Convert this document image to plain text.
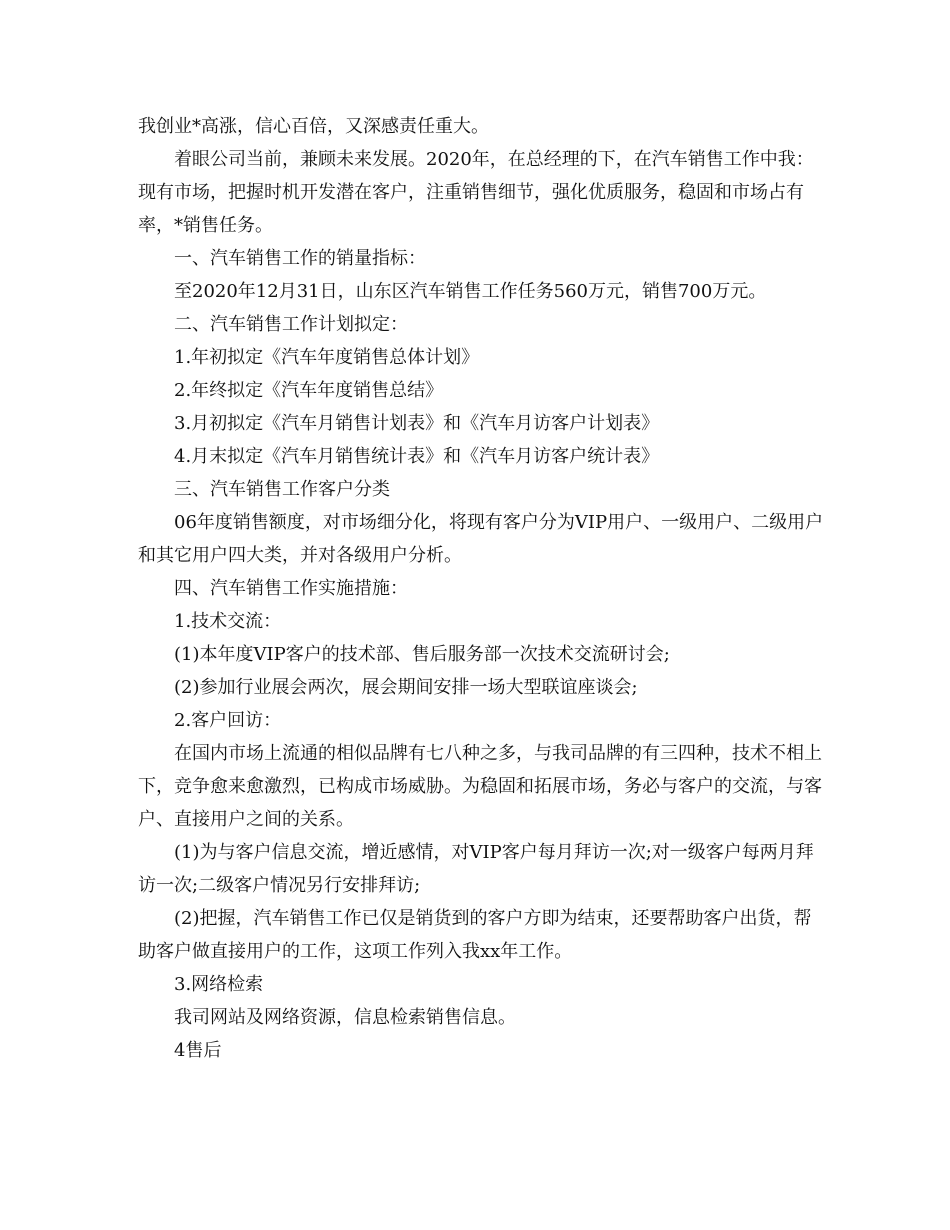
我创业*高涨，信心百倍，又深感责任重大。

着眼公司当前，兼顾未来发展。2020年，在总经理的下，在汽车销售工作中我：现有市场，把握时机开发潜在客户，注重销售细节，强化优质服务，稳固和市场占有率，*销售任务。

一、汽车销售工作的销量指标：

至2020年12月31日，山东区汽车销售工作任务560万元，销售700万元。

二、汽车销售工作计划拟定：

1.年初拟定《汽车年度销售总体计划》

2.年终拟定《汽车年度销售总结》

3.月初拟定《汽车月销售计划表》和《汽车月访客户计划表》

4.月末拟定《汽车月销售统计表》和《汽车月访客户统计表》

三、汽车销售工作客户分类

06年度销售额度，对市场细分化，将现有客户分为VIP用户、一级用户、二级用户和其它用户四大类，并对各级用户分析。

四、汽车销售工作实施措施：

1.技术交流：

(1)本年度VIP客户的技术部、售后服务部一次技术交流研讨会;

(2)参加行业展会两次，展会期间安排一场大型联谊座谈会;

2.客户回访：

在国内市场上流通的相似品牌有七八种之多，与我司品牌的有三四种，技术不相上下，竞争愈来愈激烈，已构成市场威胁。为稳固和拓展市场，务必与客户的交流，与客户、直接用户之间的关系。

(1)为与客户信息交流，增近感情，对VIP客户每月拜访一次;对一级客户每两月拜访一次;二级客户情况另行安排拜访;

(2)把握，汽车销售工作已仅是销货到的客户方即为结束，还要帮助客户出货，帮助客户做直接用户的工作，这项工作列入我xx年工作。

3.网络检索

我司网站及网络资源，信息检索销售信息。

4售后
